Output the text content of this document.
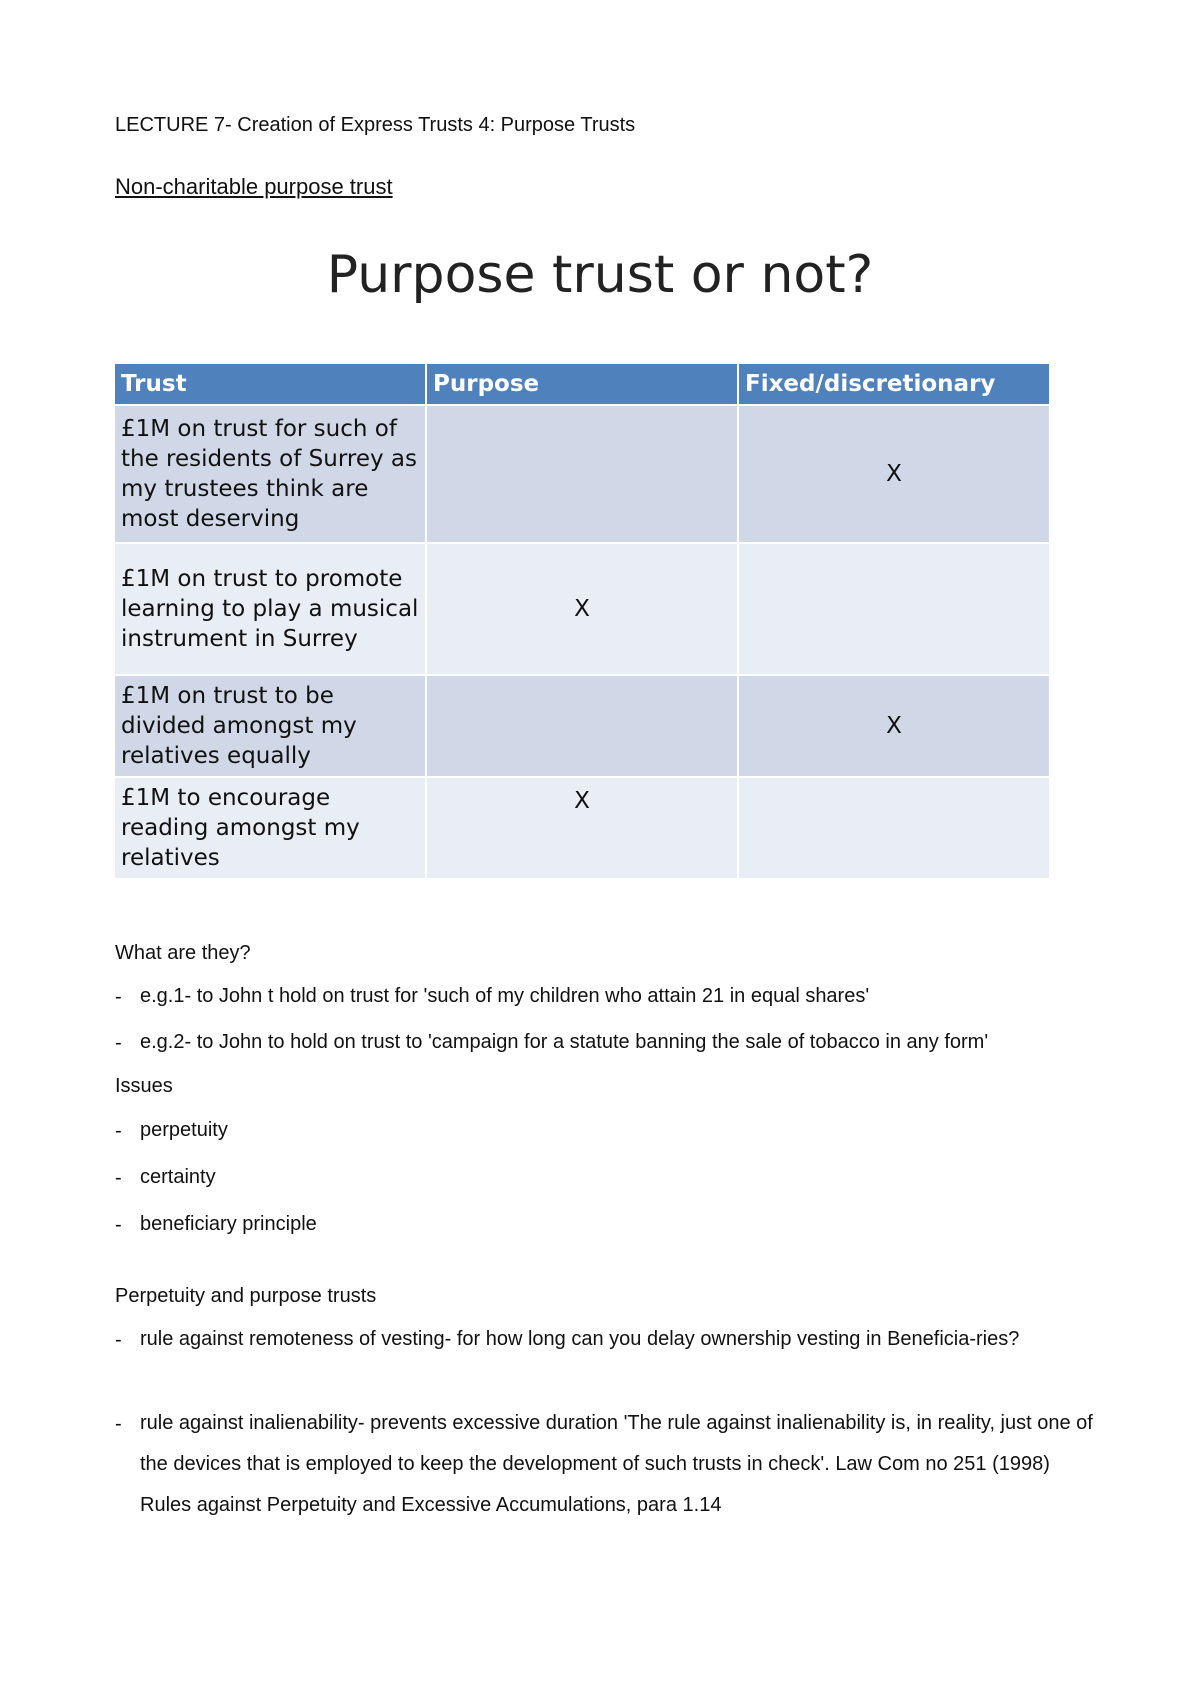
LECTURE 7- Creation of Express Trusts 4: Purpose Trusts
Non-charitable purpose trust
Purpose trust or not?
Trust	Purpose	Fixed/discretionary
£1M on trust for such of the residents of Surrey as my trustees think are most deserving		X
£1M on trust to promote learning to play a musical instrument in Surrey	X	
£1M on trust to be divided amongst my relatives equally		X
£1M to encourage reading amongst my relatives	X	
What are they?
- e.g.1- to John t hold on trust for 'such of my children who attain 21 in equal shares'
- e.g.2- to John to hold on trust to 'campaign for a statute banning the sale of tobacco in any form'
Issues
- perpetuity
- certainty
- beneficiary principle
Perpetuity and purpose trusts
- rule against remoteness of vesting- for how long can you delay ownership vesting in Beneficia-ries?
- rule against inalienability- prevents excessive duration 'The rule against inalienability is, in reality, just one of the devices that is employed to keep the development of such trusts in check'. Law Com no 251 (1998) Rules against Perpetuity and Excessive Accumulations, para 1.14
